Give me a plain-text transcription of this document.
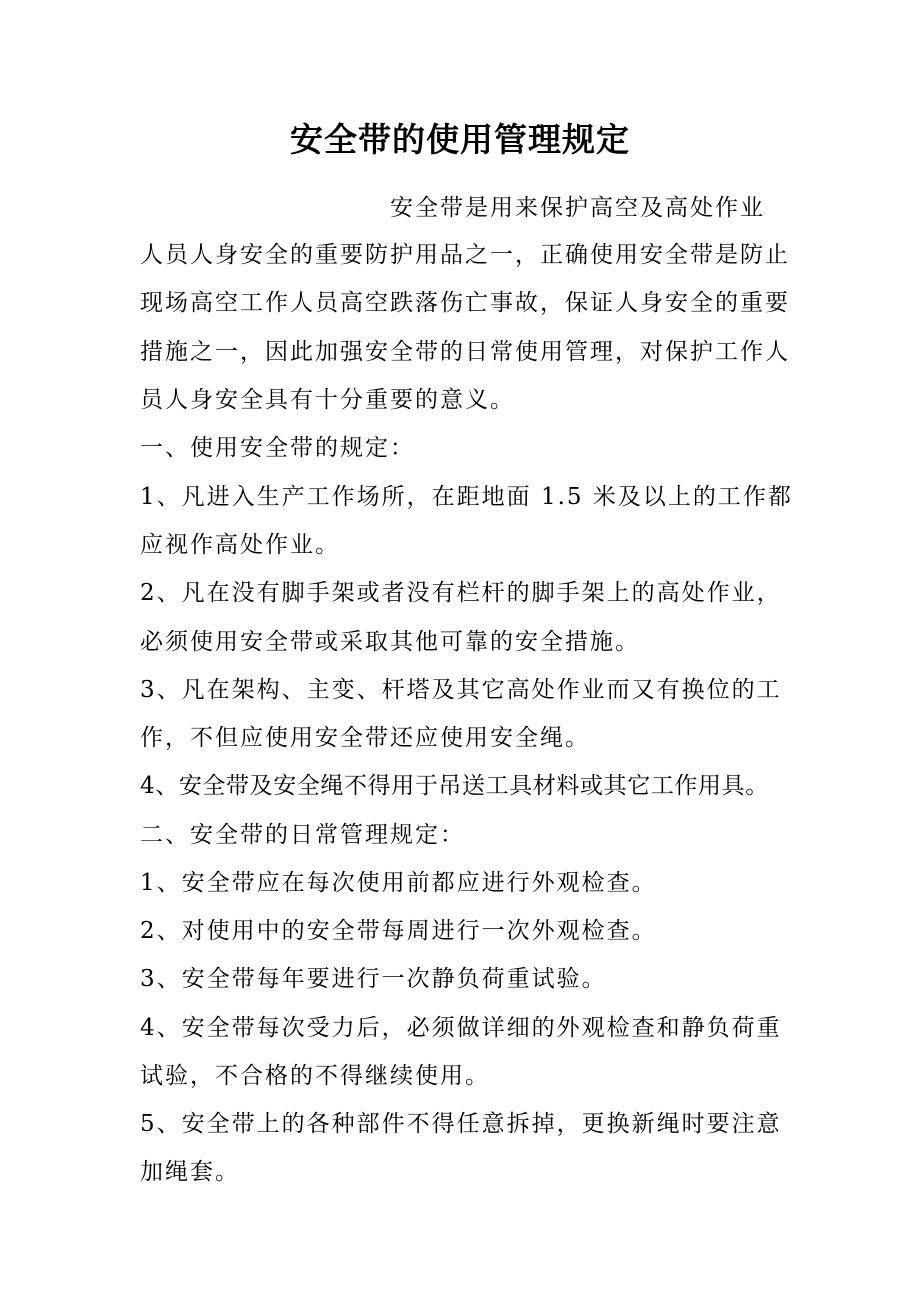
安全带的使用管理规定

安全带是用来保护高空及高处作业

人员人身安全的重要防护用品之一，正确使用安全带是防止

现场高空工作人员高空跌落伤亡事故，保证人身安全的重要

措施之一，因此加强安全带的日常使用管理，对保护工作人

员人身安全具有十分重要的意义。

一、使用安全带的规定：

1、凡进入生产工作场所，在距地面 1.5 米及以上的工作都

应视作高处作业。

2、凡在没有脚手架或者没有栏杆的脚手架上的高处作业，

必须使用安全带或采取其他可靠的安全措施。

3、凡在架构、主变、杆塔及其它高处作业而又有换位的工

作，不但应使用安全带还应使用安全绳。

4、安全带及安全绳不得用于吊送工具材料或其它工作用具。

二、安全带的日常管理规定：

1、安全带应在每次使用前都应进行外观检查。

2、对使用中的安全带每周进行一次外观检查。

3、安全带每年要进行一次静负荷重试验。

4、安全带每次受力后，必须做详细的外观检查和静负荷重

试验，不合格的不得继续使用。

5、安全带上的各种部件不得任意拆掉，更换新绳时要注意

加绳套。
